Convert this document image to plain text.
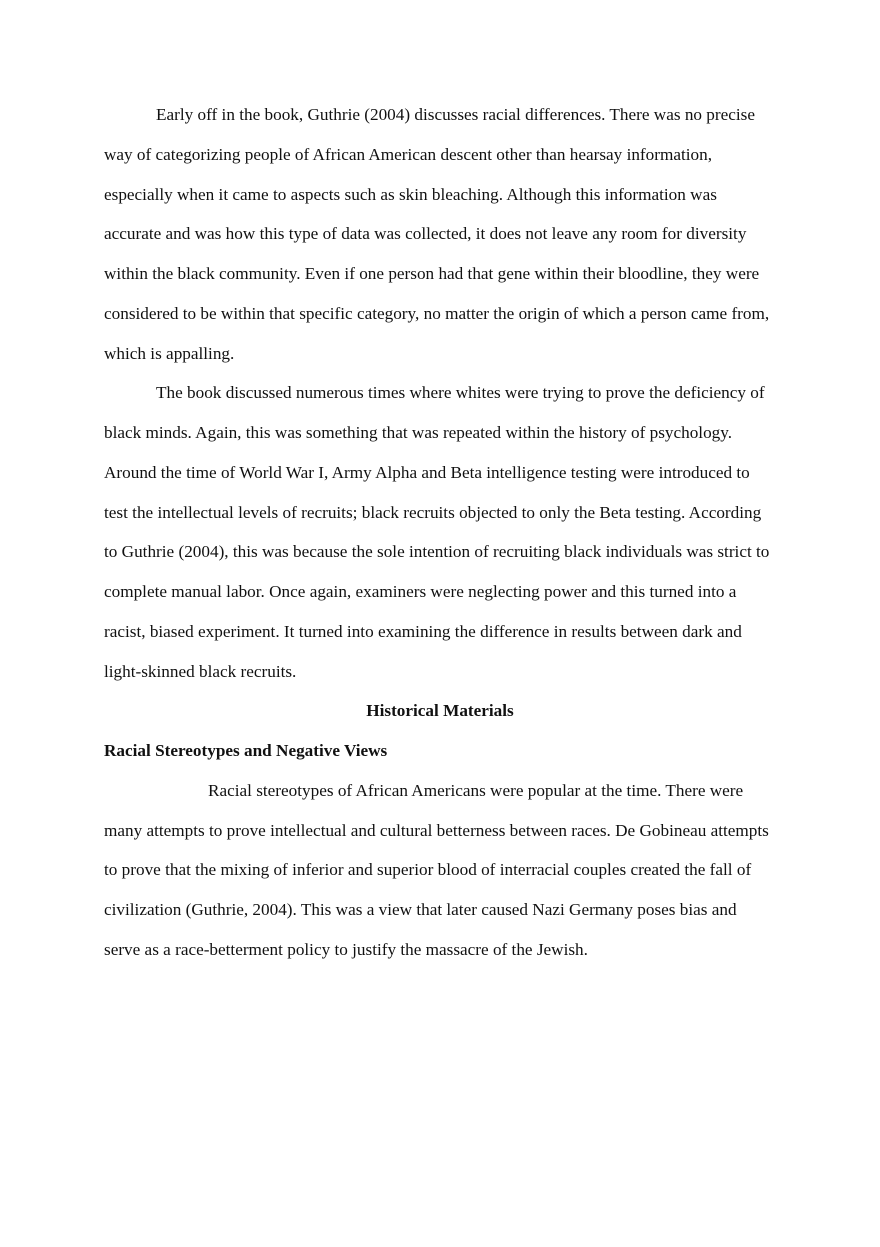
Early off in the book, Guthrie (2004) discusses racial differences. There was no precise way of categorizing people of African American descent other than hearsay information, especially when it came to aspects such as skin bleaching. Although this information was accurate and was how this type of data was collected, it does not leave any room for diversity within the black community. Even if one person had that gene within their bloodline, they were considered to be within that specific category, no matter the origin of which a person came from, which is appalling.

The book discussed numerous times where whites were trying to prove the deficiency of black minds. Again, this was something that was repeated within the history of psychology. Around the time of World War I, Army Alpha and Beta intelligence testing were introduced to test the intellectual levels of recruits; black recruits objected to only the Beta testing. According to Guthrie (2004), this was because the sole intention of recruiting black individuals was strict to complete manual labor. Once again, examiners were neglecting power and this turned into a racist, biased experiment. It turned into examining the difference in results between dark and light-skinned black recruits.

Historical Materials

Racial Stereotypes and Negative Views

Racial stereotypes of African Americans were popular at the time. There were many attempts to prove intellectual and cultural betterness between races. De Gobineau attempts to prove that the mixing of inferior and superior blood of interracial couples created the fall of civilization (Guthrie, 2004). This was a view that later caused Nazi Germany poses bias and serve as a race-betterment policy to justify the massacre of the Jewish.
